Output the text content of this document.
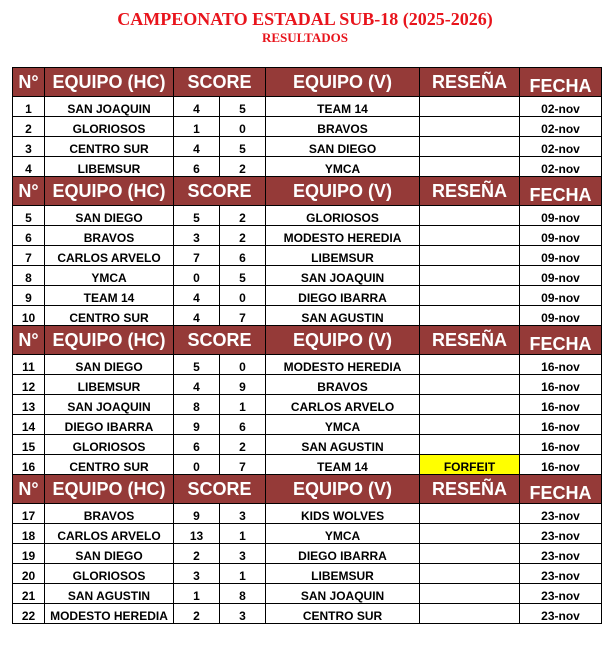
CAMPEONATO ESTADAL SUB-18 (2025-2026)
RESULTADOS
N°	EQUIPO (HC)	SCORE		EQUIPO (V)	RESEÑA	FECHA
1	SAN JOAQUIN	4	5	TEAM 14		02-nov
2	GLORIOSOS	1	0	BRAVOS		02-nov
3	CENTRO SUR	4	5	SAN DIEGO		02-nov
4	LIBEMSUR	6	2	YMCA		02-nov
N°	EQUIPO (HC)	SCORE		EQUIPO (V)	RESEÑA	FECHA
5	SAN DIEGO	5	2	GLORIOSOS		09-nov
6	BRAVOS	3	2	MODESTO HEREDIA		09-nov
7	CARLOS ARVELO	7	6	LIBEMSUR		09-nov
8	YMCA	0	5	SAN JOAQUIN		09-nov
9	TEAM 14	4	0	DIEGO IBARRA		09-nov
10	CENTRO SUR	4	7	SAN AGUSTIN		09-nov
N°	EQUIPO (HC)	SCORE		EQUIPO (V)	RESEÑA	FECHA
11	SAN DIEGO	5	0	MODESTO HEREDIA		16-nov
12	LIBEMSUR	4	9	BRAVOS		16-nov
13	SAN JOAQUIN	8	1	CARLOS ARVELO		16-nov
14	DIEGO IBARRA	9	6	YMCA		16-nov
15	GLORIOSOS	6	2	SAN AGUSTIN		16-nov
16	CENTRO SUR	0	7	TEAM 14	FORFEIT	16-nov
N°	EQUIPO (HC)	SCORE		EQUIPO (V)	RESEÑA	FECHA
17	BRAVOS	9	3	KIDS WOLVES		23-nov
18	CARLOS ARVELO	13	1	YMCA		23-nov
19	SAN DIEGO	2	3	DIEGO IBARRA		23-nov
20	GLORIOSOS	3	1	LIBEMSUR		23-nov
21	SAN AGUSTIN	1	8	SAN JOAQUIN		23-nov
22	MODESTO HEREDIA	2	3	CENTRO SUR		23-nov
